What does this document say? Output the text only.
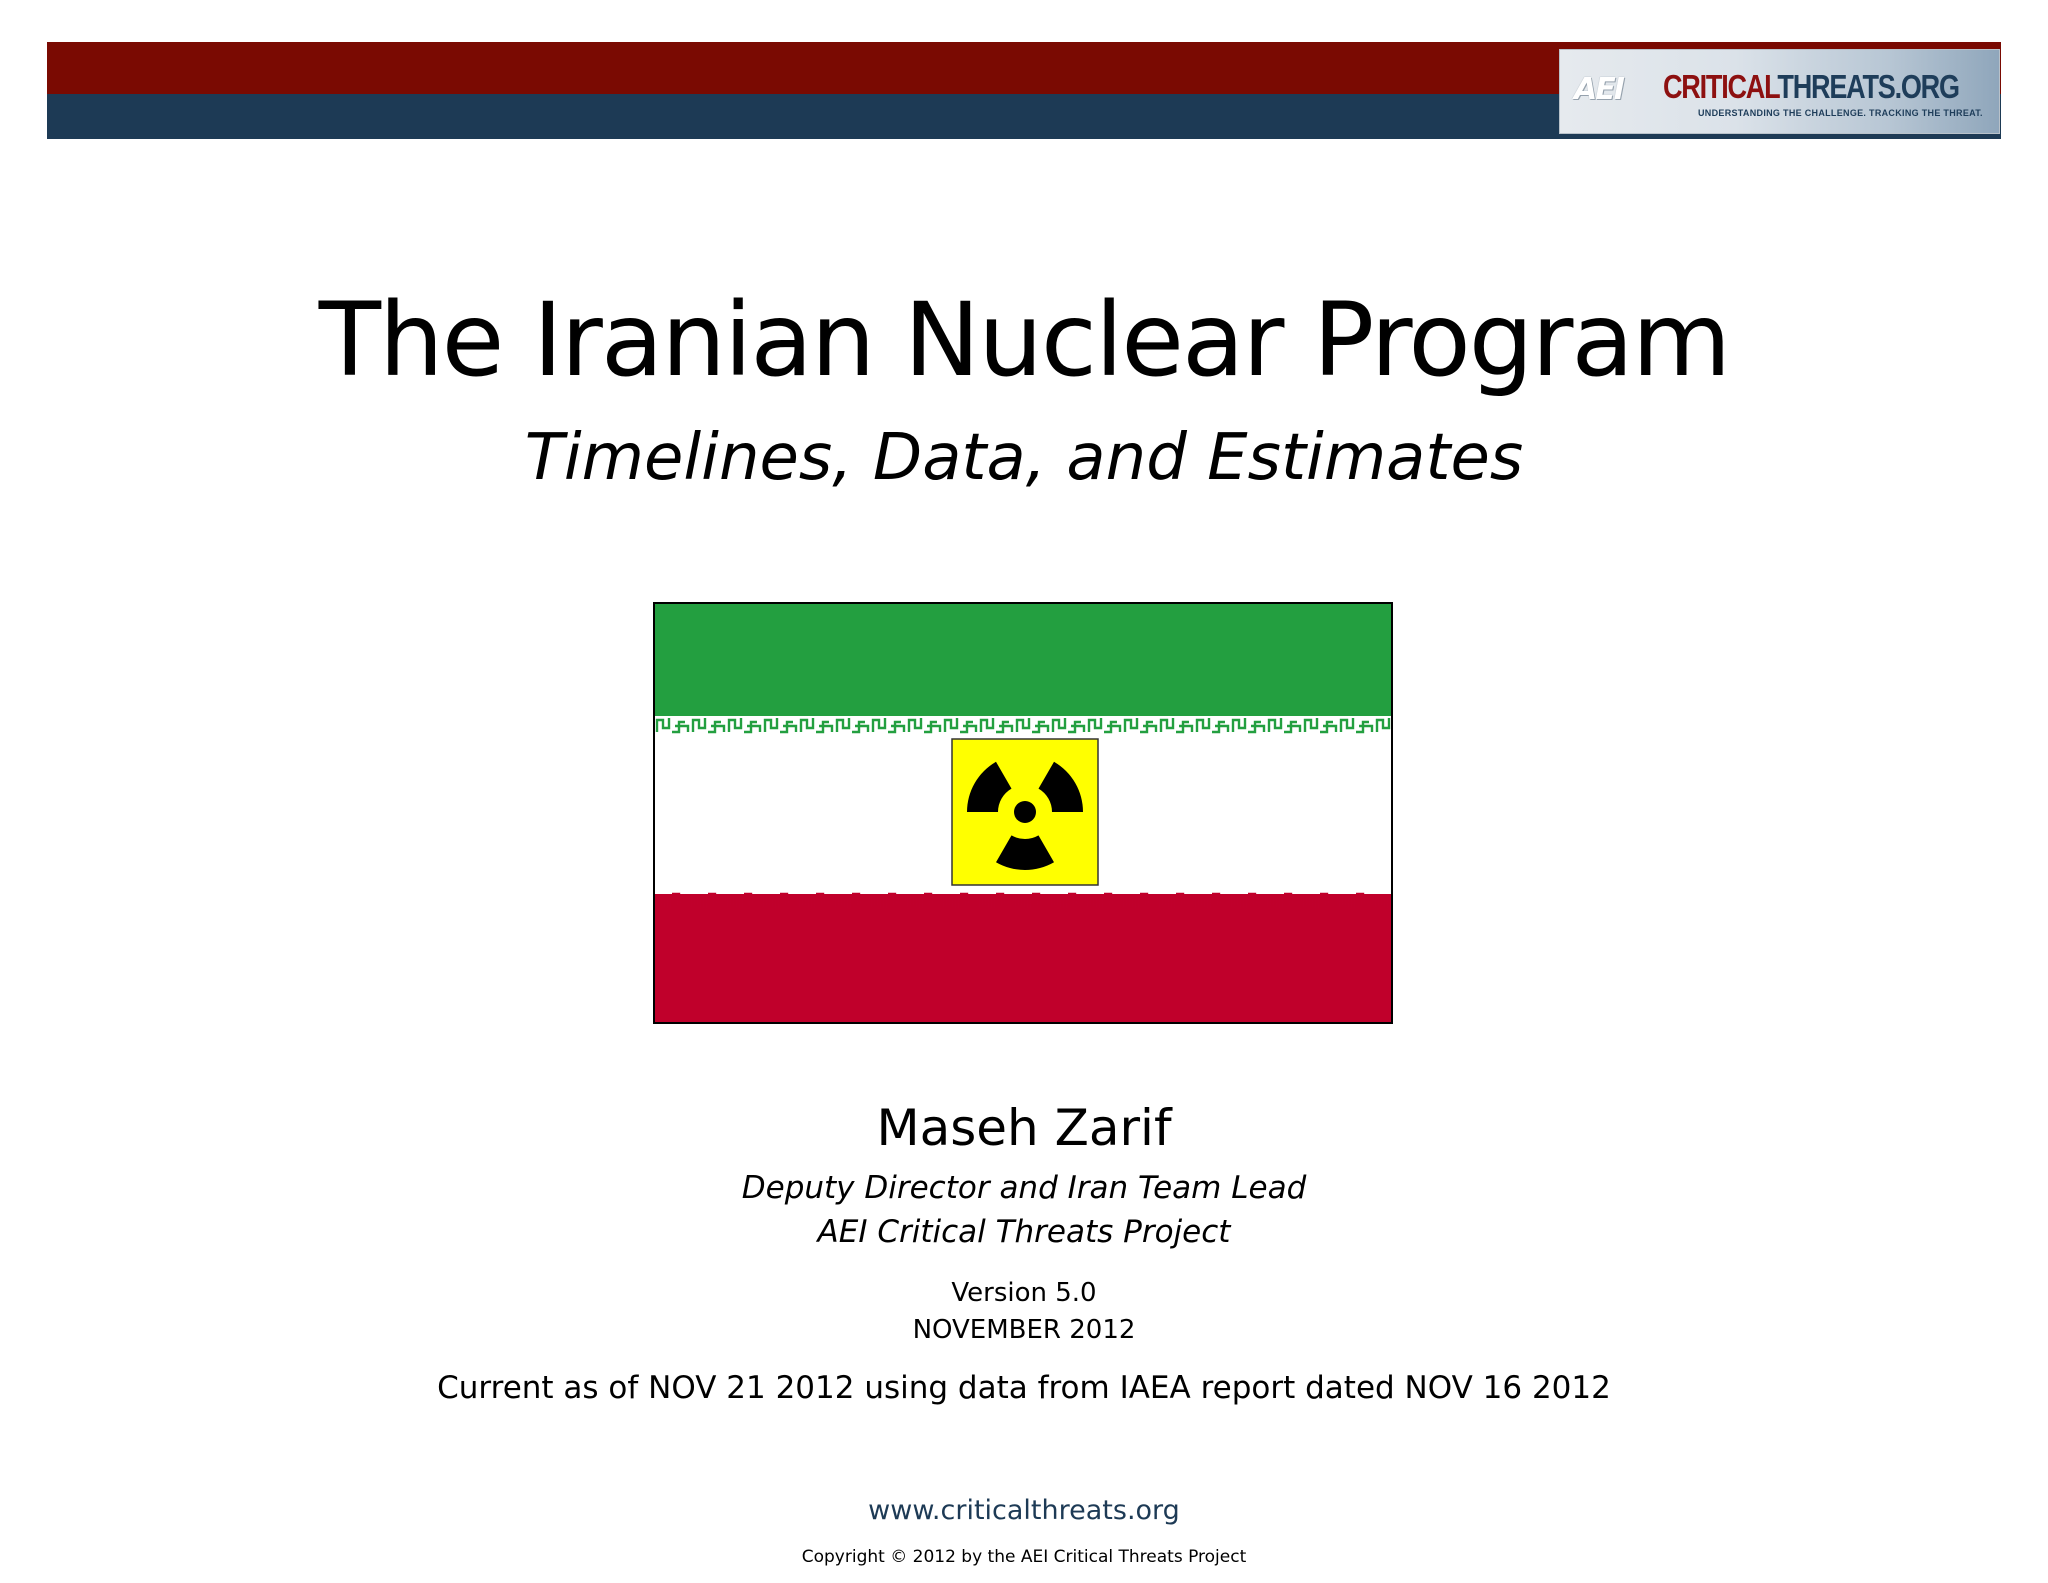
AEI CRITICALTHREATS.ORG
UNDERSTANDING THE CHALLENGE. TRACKING THE THREAT.
The Iranian Nuclear Program
Timelines, Data, and Estimates
Maseh Zarif
Deputy Director and Iran Team Lead
AEI Critical Threats Project
Version 5.0
NOVEMBER 2012
Current as of NOV 21 2012 using data from IAEA report dated NOV 16 2012
www.criticalthreats.org
Copyright © 2012 by the AEI Critical Threats Project
